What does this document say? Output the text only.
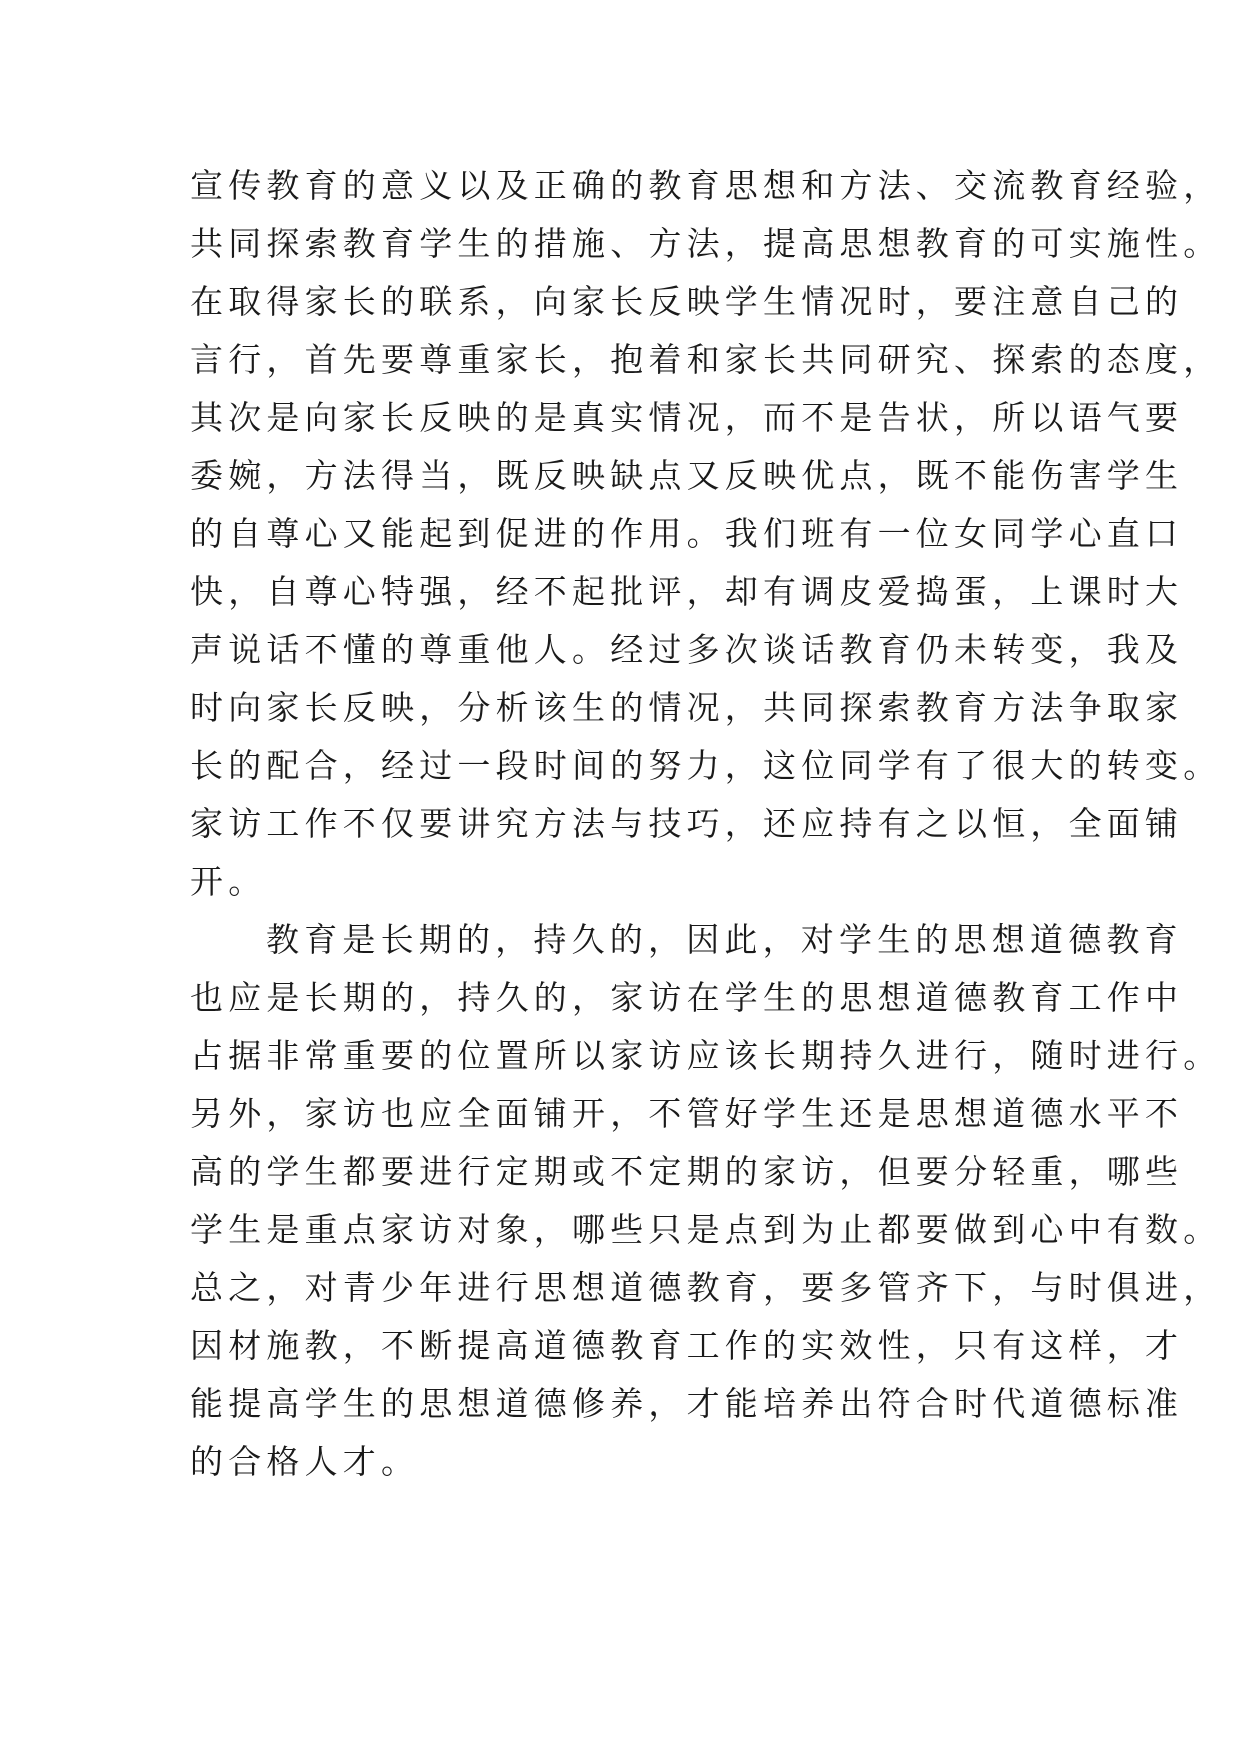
宣传教育的意义以及正确的教育思想和方法、交流教育经验，
共同探索教育学生的措施、方法，提高思想教育的可实施性。
在取得家长的联系，向家长反映学生情况时，要注意自己的
言行，首先要尊重家长，抱着和家长共同研究、探索的态度，
其次是向家长反映的是真实情况，而不是告状，所以语气要
委婉，方法得当，既反映缺点又反映优点，既不能伤害学生
的自尊心又能起到促进的作用。我们班有一位女同学心直口
快，自尊心特强，经不起批评，却有调皮爱捣蛋，上课时大
声说话不懂的尊重他人。经过多次谈话教育仍未转变，我及
时向家长反映，分析该生的情况，共同探索教育方法争取家
长的配合，经过一段时间的努力，这位同学有了很大的转变。
家访工作不仅要讲究方法与技巧，还应持有之以恒，全面铺
开。
教育是长期的，持久的，因此，对学生的思想道德教育
也应是长期的，持久的，家访在学生的思想道德教育工作中
占据非常重要的位置所以家访应该长期持久进行，随时进行。
另外，家访也应全面铺开，不管好学生还是思想道德水平不
高的学生都要进行定期或不定期的家访，但要分轻重，哪些
学生是重点家访对象，哪些只是点到为止都要做到心中有数。
总之，对青少年进行思想道德教育，要多管齐下，与时俱进，
因材施教，不断提高道德教育工作的实效性，只有这样，才
能提高学生的思想道德修养，才能培养出符合时代道德标准
的合格人才。
